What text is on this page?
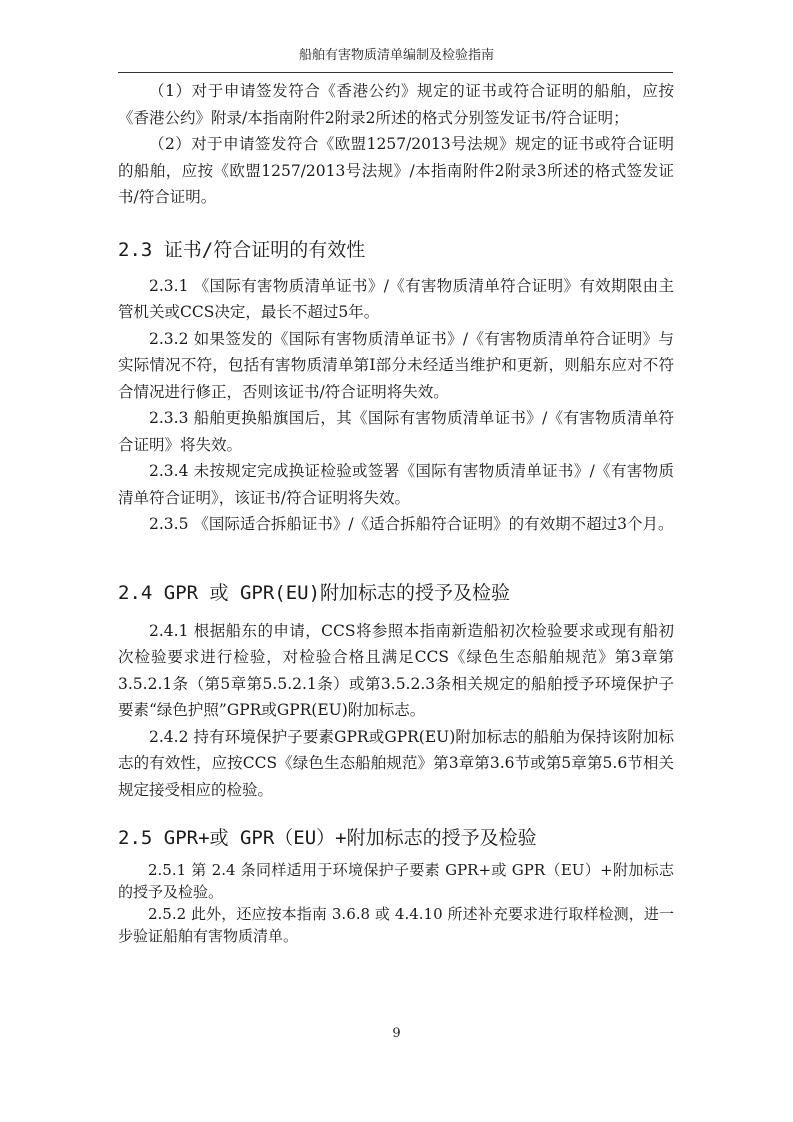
船舶有害物质清单编制及检验指南

（1）对于申请签发符合《香港公约》规定的证书或符合证明的船舶，应按《香港公约》附录/本指南附件2附录2所述的格式分别签发证书/符合证明；

（2）对于申请签发符合《欧盟1257/2013号法规》规定的证书或符合证明的船舶，应按《欧盟1257/2013号法规》/本指南附件2附录3所述的格式签发证书/符合证明。

2.3 证书/符合证明的有效性

2.3.1 《国际有害物质清单证书》/《有害物质清单符合证明》有效期限由主管机关或CCS决定，最长不超过5年。

2.3.2 如果签发的《国际有害物质清单证书》/《有害物质清单符合证明》与实际情况不符，包括有害物质清单第Ⅰ部分未经适当维护和更新，则船东应对不符合情况进行修正，否则该证书/符合证明将失效。

2.3.3 船舶更换船旗国后，其《国际有害物质清单证书》/《有害物质清单符合证明》将失效。

2.3.4 未按规定完成换证检验或签署《国际有害物质清单证书》/《有害物质清单符合证明》，该证书/符合证明将失效。

2.3.5 《国际适合拆船证书》/《适合拆船符合证明》的有效期不超过3个月。

2.4 GPR 或 GPR(EU)附加标志的授予及检验

2.4.1 根据船东的申请，CCS将参照本指南新造船初次检验要求或现有船初次检验要求进行检验，对检验合格且满足CCS《绿色生态船舶规范》第3章第3.5.2.1条（第5章第5.5.2.1条）或第3.5.2.3条相关规定的船舶授予环境保护子要素“绿色护照”GPR或GPR(EU)附加标志。

2.4.2 持有环境保护子要素GPR或GPR(EU)附加标志的船舶为保持该附加标志的有效性，应按CCS《绿色生态船舶规范》第3章第3.6节或第5章第5.6节相关规定接受相应的检验。

2.5 GPR+或 GPR（EU）+附加标志的授予及检验

2.5.1 第 2.4 条同样适用于环境保护子要素 GPR+或 GPR（EU）+附加标志的授予及检验。

2.5.2 此外，还应按本指南 3.6.8 或 4.4.10 所述补充要求进行取样检测，进一步验证船舶有害物质清单。

9
